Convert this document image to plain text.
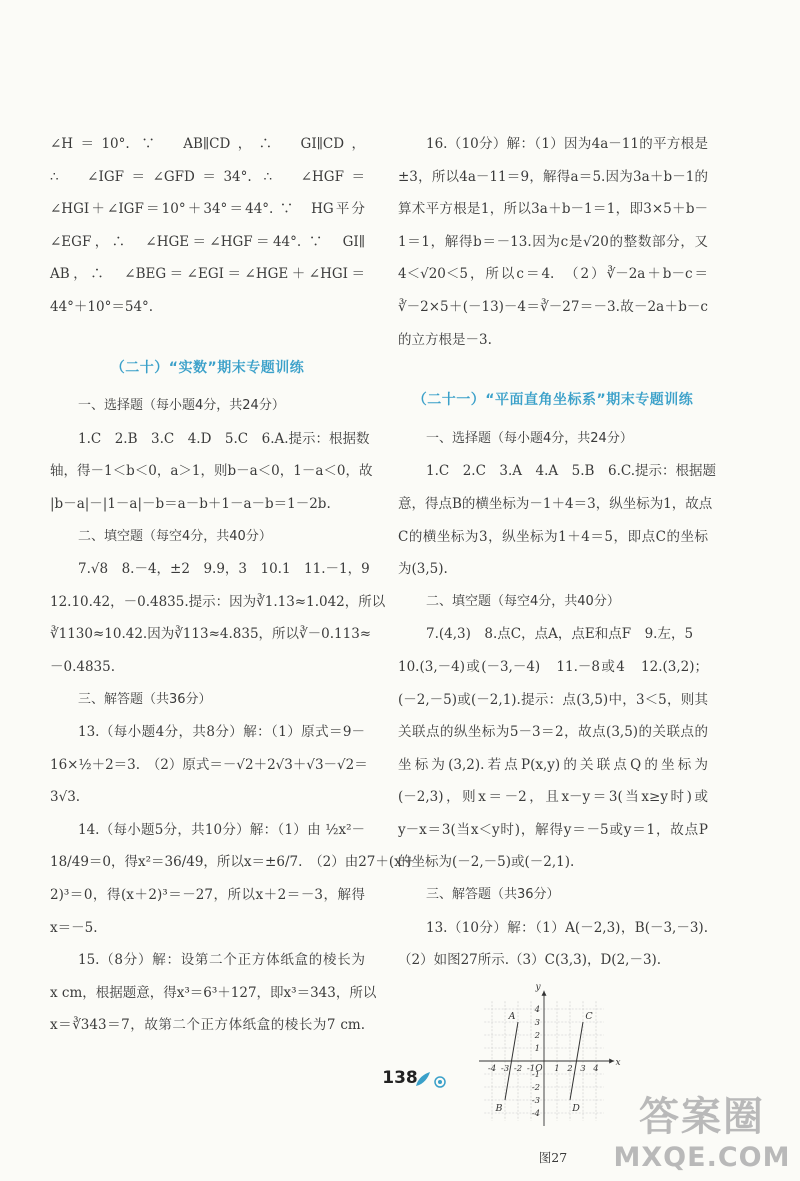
∠H＝10°. ∵　AB∥CD，∴　GI∥CD，
∴　∠IGF＝∠GFD＝34°. ∴　∠HGF＝
∠HGI＋∠IGF＝10°＋34°＝44°. ∵　HG平分
∠EGF，∴　∠HGE＝∠HGF＝44°. ∵　GI∥
AB，∴　∠BEG＝∠EGI＝∠HGE＋∠HGI＝
44°＋10°＝54°.
（二十）“实数”期末专题训练
一、选择题（每小题4分，共24分）
1.C　2.B　3.C　4.D　5.C　6.A.提示：根据数
轴，得－1＜b＜0，a＞1，则b－a＜0，1－a＜0，故
|b－a|－|1－a|－b＝a－b＋1－a－b＝1－2b.
二、填空题（每空4分，共40分）
7.√8　8.－4，±2　9.9，3　10.1　11.－1，9
12.10.42，－0.4835.提示：因为∛1.13≈1.042，所以
∛1130≈10.42.因为∛113≈4.835，所以∛－0.113≈
－0.4835.
三、解答题（共36分）
13.（每小题4分，共8分）解：（1）原式＝9－
16×½＋2＝3.　（2）原式＝－√2＋2√3＋√3－√2＝
3√3.
14.（每小题5分，共10分）解：（1）由 ½x²－
18/49＝0，得x²＝36/49，所以x＝±6/7.　（2）由27＋(x＋
2)³＝0，得(x＋2)³＝－27，所以x＋2＝－3，解得
x＝－5.
15.（8分）解：设第二个正方体纸盒的棱长为
x cm，根据题意，得x³＝6³＋127，即x³＝343，所以
x＝∛343＝7，故第二个正方体纸盒的棱长为7 cm.
16.（10分）解：（1）因为4a－11的平方根是
±3，所以4a－11＝9，解得a＝5.因为3a＋b－1的
算术平方根是1，所以3a＋b－1＝1，即3×5＋b－
1＝1，解得b＝－13.因为c是√20的整数部分，又
4＜√20＜5，所以c＝4.　（2）∛－2a＋b－c＝
∛－2×5＋(－13)－4＝∛－27＝－3.故－2a＋b－c
的立方根是－3.
（二十一）“平面直角坐标系”期末专题训练
一、选择题（每小题4分，共24分）
1.C　2.C　3.A　4.A　5.B　6.C.提示：根据题
意，得点B的横坐标为－1＋4＝3，纵坐标为1，故点
C的横坐标为3，纵坐标为1＋4＝5，即点C的坐标
为(3,5).
二、填空题（每空4分，共40分）
7.(4,3)　8.点C，点A，点E和点F　9.左，5
10.(3,－4)或(－3,－4)　11.－8或4　12.(3,2)；
(－2,－5)或(－2,1).提示：点(3,5)中，3＜5，则其
关联点的纵坐标为5－3＝2，故点(3,5)的关联点的
坐标为(3,2).若点P(x,y)的关联点Q的坐标为
(－2,3)，则x＝－2，且x－y＝3(当x≥y时)或
y－x＝3(当x＜y时)，解得y＝－5或y＝1，故点P
的坐标为(－2,－5)或(－2,1).
三、解答题（共36分）
13.（10分）解：（1）A(－2,3)，B(－3,－3).
（2）如图27所示.（3）C(3,3)，D(2,－3).
x
y
O
-4 -3 -2 -1 1 2 3 4
4
3
2
1
-1
-2
-3
-4
A
B
C
D
图27
138
答案圈
MXQE.COM
